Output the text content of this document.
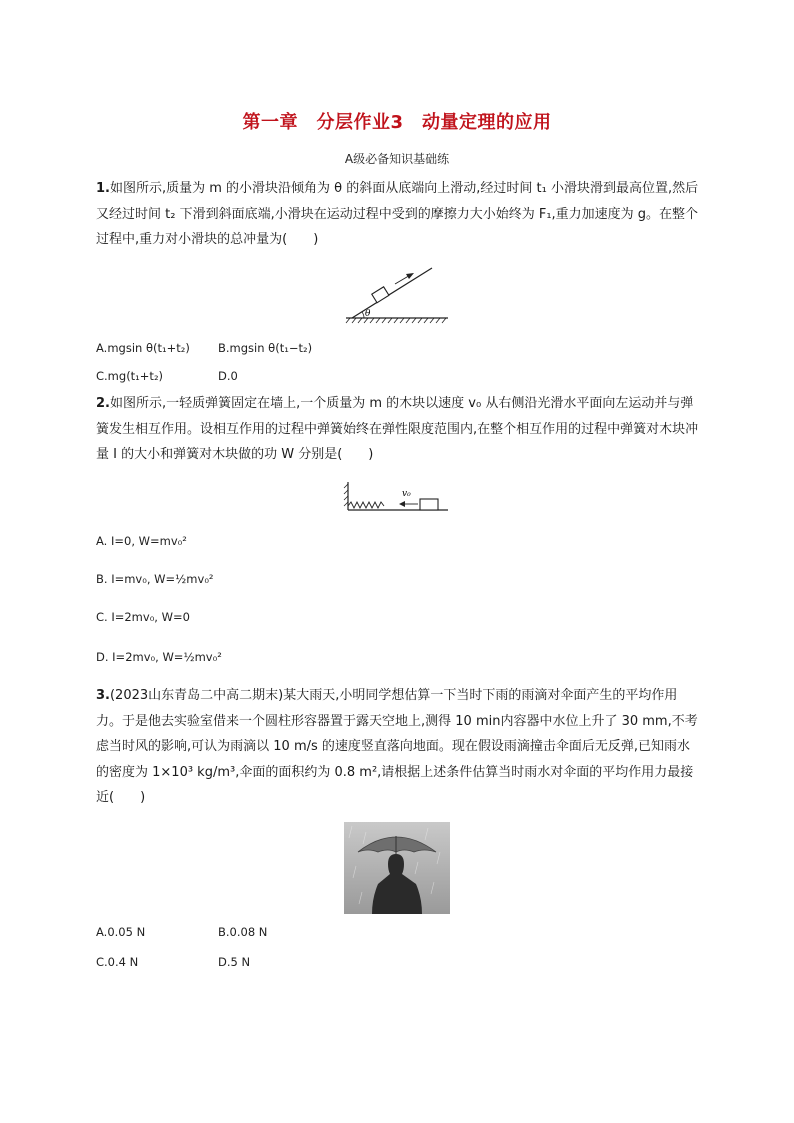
第一章　分层作业3　动量定理的应用
A级必备知识基础练
1.如图所示,质量为 m 的小滑块沿倾角为 θ 的斜面从底端向上滑动,经过时间 t₁ 小滑块滑到最高位置,然后又经过时间 t₂ 下滑到斜面底端,小滑块在运动过程中受到的摩擦力大小始终为 F₁,重力加速度为 g。在整个过程中,重力对小滑块的总冲量为(　　)
θ
A.mgsin θ(t₁+t₂) B.mgsin θ(t₁−t₂)
C.mg(t₁+t₂)	D.0
2.如图所示,一轻质弹簧固定在墙上,一个质量为 m 的木块以速度 v₀ 从右侧沿光滑水平面向左运动并与弹簧发生相互作用。设相互作用的过程中弹簧始终在弹性限度范围内,在整个相互作用的过程中弹簧对木块冲量 I 的大小和弹簧对木块做的功 W 分别是(　　)
v₀
A. I=0, W=mv₀²
B. I=mv₀, W=½mv₀²
C. I=2mv₀, W=0
D. I=2mv₀, W=½mv₀²
3.(2023山东青岛二中高二期末)某大雨天,小明同学想估算一下当时下雨的雨滴对伞面产生的平均作用力。于是他去实验室借来一个圆柱形容器置于露天空地上,测得 10 min内容器中水位上升了 30 mm,不考虑当时风的影响,可认为雨滴以 10 m/s 的速度竖直落向地面。现在假设雨滴撞击伞面后无反弹,已知雨水的密度为 1×10³ kg/m³,伞面的面积约为 0.8 m²,请根据上述条件估算当时雨水对伞面的平均作用力最接近(　　)
A.0.05 N	B.0.08 N
C.0.4 N	D.5 N
